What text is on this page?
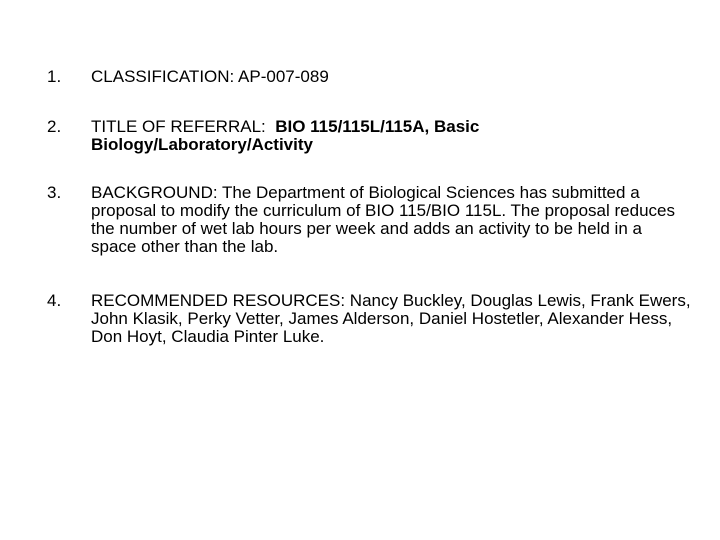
1. CLASSIFICATION: AP-007-089
2. TITLE OF REFERRAL: BIO 115/115L/115A, Basic Biology/Laboratory/Activity
3. BACKGROUND: The Department of Biological Sciences has submitted a proposal to modify the curriculum of BIO 115/BIO 115L. The proposal reduces the number of wet lab hours per week and adds an activity to be held in a space other than the lab.
4. RECOMMENDED RESOURCES: Nancy Buckley, Douglas Lewis, Frank Ewers, John Klasik, Perky Vetter, James Alderson, Daniel Hostetler, Alexander Hess, Don Hoyt, Claudia Pinter Luke.
